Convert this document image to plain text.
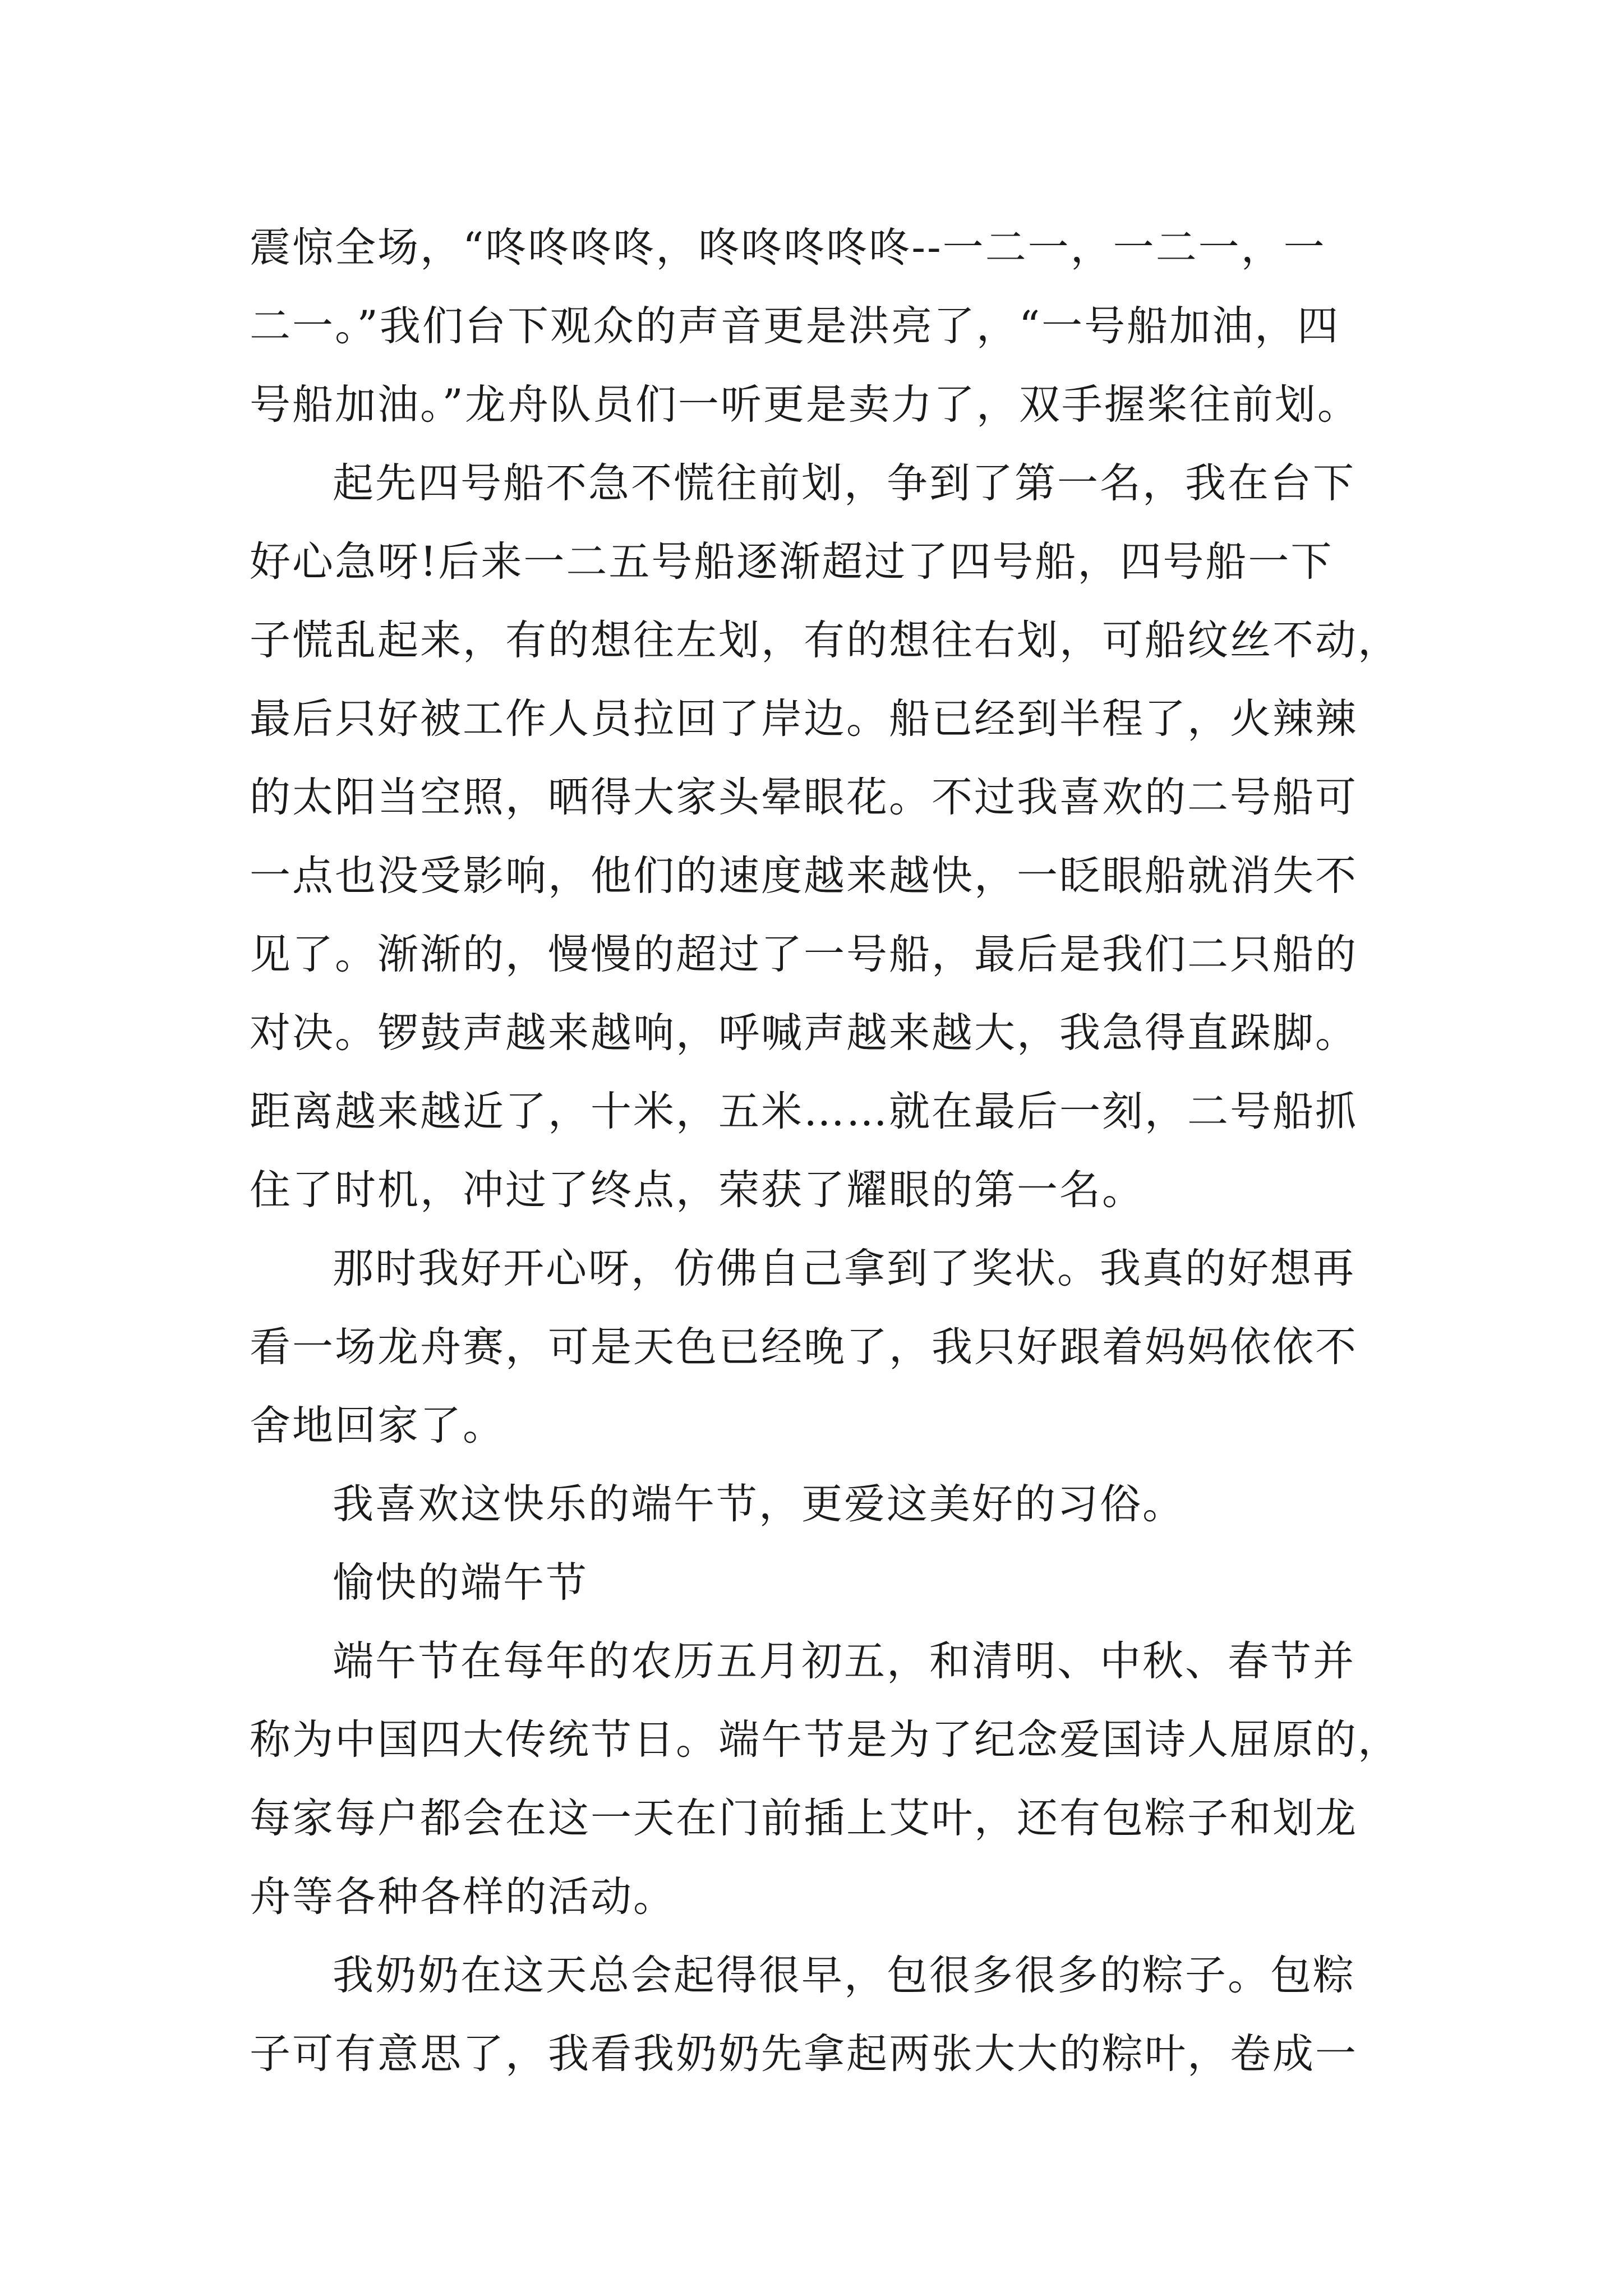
震惊全场，“咚咚咚咚，咚咚咚咚咚--一二一，一二一，一
二一。”我们台下观众的声音更是洪亮了，“一号船加油，四
号船加油。”龙舟队员们一听更是卖力了，双手握桨往前划。
起先四号船不急不慌往前划，争到了第一名，我在台下
好心急呀!后来一二五号船逐渐超过了四号船，四号船一下
子慌乱起来，有的想往左划，有的想往右划，可船纹丝不动，
最后只好被工作人员拉回了岸边。船已经到半程了，火辣辣
的太阳当空照，晒得大家头晕眼花。不过我喜欢的二号船可
一点也没受影响，他们的速度越来越快，一眨眼船就消失不
见了。渐渐的，慢慢的超过了一号船，最后是我们二只船的
对决。锣鼓声越来越响，呼喊声越来越大，我急得直跺脚。
距离越来越近了，十米，五米……就在最后一刻，二号船抓
住了时机，冲过了终点，荣获了耀眼的第一名。
那时我好开心呀，仿佛自己拿到了奖状。我真的好想再
看一场龙舟赛，可是天色已经晚了，我只好跟着妈妈依依不
舍地回家了。
我喜欢这快乐的端午节，更爱这美好的习俗。
愉快的端午节
端午节在每年的农历五月初五，和清明、中秋、春节并
称为中国四大传统节日。端午节是为了纪念爱国诗人屈原的，
每家每户都会在这一天在门前插上艾叶，还有包粽子和划龙
舟等各种各样的活动。
我奶奶在这天总会起得很早，包很多很多的粽子。包粽
子可有意思了，我看我奶奶先拿起两张大大的粽叶，卷成一
